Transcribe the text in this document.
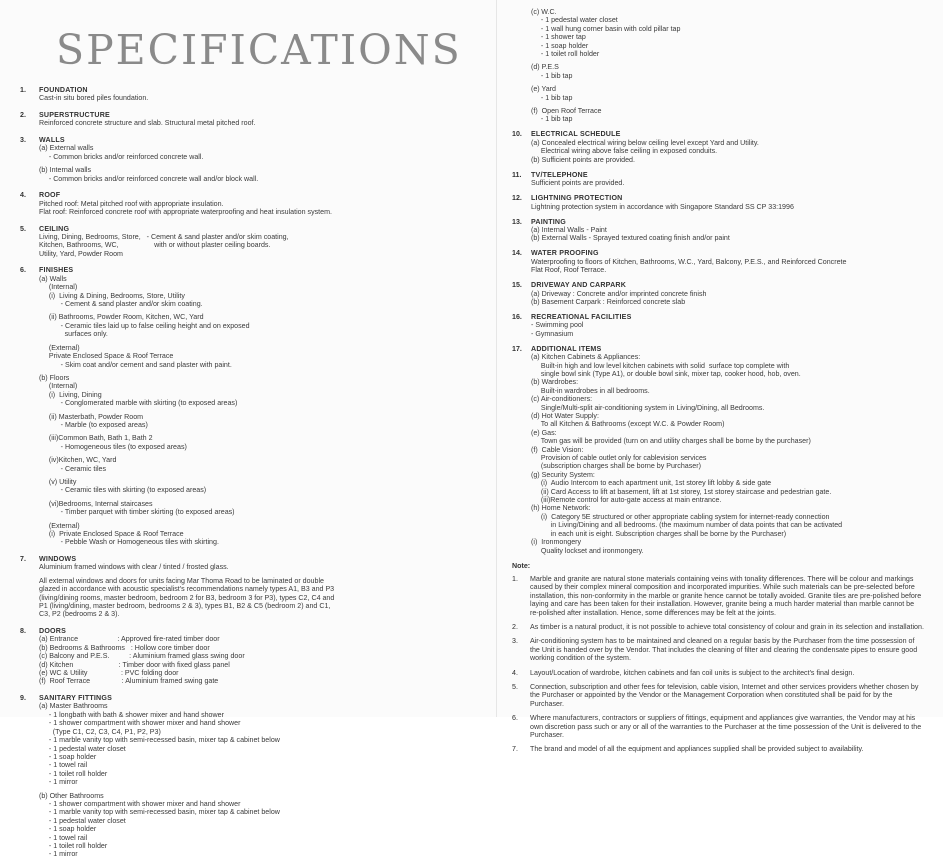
SPECIFICATIONS
1.	FOUNDATION
Cast-in situ bored piles foundation.
2.	SUPERSTRUCTURE
Reinforced concrete structure and slab. Structural metal pitched roof.
3.	WALLS
(a) External walls
- Common bricks and/or reinforced concrete wall.
(b) Internal walls
- Common bricks and/or reinforced concrete wall and/or block wall.
4.	ROOF
Pitched roof: Metal pitched roof with appropriate insulation.
Flat roof: Reinforced concrete roof with appropriate waterproofing and heat insulation system.
5.	CEILING
Living, Dining, Bedrooms, Store,   - Cement & sand plaster and/or skim coating,
Kitchen, Bathrooms, WC,                  with or without plaster ceiling boards.
Utility, Yard, Powder Room
6.	FINISHES
(a) Walls
(Internal)
(i)  Living & Dining, Bedrooms, Store, Utility
- Cement & sand plaster and/or skim coating.
(ii) Bathrooms, Powder Room, Kitchen, WC, Yard
- Ceramic tiles laid up to false ceiling height and on exposed
surfaces only.
(External)
Private Enclosed Space & Roof Terrace
- Skim coat and/or cement and sand plaster with paint.
(b) Floors
(Internal)
(i)  Living, Dining
- Conglomerated marble with skirting (to exposed areas)
(ii) Masterbath, Powder Room
- Marble (to exposed areas)
(iii)Common Bath, Bath 1, Bath 2
- Homogeneous tiles (to exposed areas)
(iv)Kitchen, WC, Yard
- Ceramic tiles
(v) Utility
- Ceramic tiles with skirting (to exposed areas)
(vi)Bedrooms, Internal staircases
- Timber parquet with timber skirting (to exposed areas)
(External)
(i)  Private Enclosed Space & Roof Terrace
- Pebble Wash or Homogeneous tiles with skirting.
7.	WINDOWS
Aluminium framed windows with clear / tinted / frosted glass.
All external windows and doors for units facing Mar Thoma Road to be laminated or double
glazed in accordance with acoustic specialist's recommendations namely types A1, B3 and P3
(living/dining rooms, master bedroom, bedroom 2 for B3, bedroom 3 for P3), types C2, C4 and
P1 (living/dining, master bedroom, bedrooms 2 & 3), types B1, B2 & C5 (bedroom 2) and C1,
C3, P2 (bedrooms 2 & 3).
8.	DOORS
(a) Entrance                    : Approved fire-rated timber door
(b) Bedrooms & Bathrooms   : Hollow core timber door
(c) Balcony and P.E.S.          : Aluminium framed glass swing door
(d) Kitchen                       : Timber door with fixed glass panel
(e) WC & Utility                 : PVC folding door
(f)  Roof Terrace                : Aluminium framed swing gate
9.	SANITARY FITTINGS
(a) Master Bathrooms
- 1 longbath with bath & shower mixer and hand shower
- 1 shower compartment with shower mixer and hand shower
(Type C1, C2, C3, C4, P1, P2, P3)
- 1 marble vanity top with semi-recessed basin, mixer tap & cabinet below
- 1 pedestal water closet
- 1 soap holder
- 1 towel rail
- 1 toilet roll holder
- 1 mirror
(b) Other Bathrooms
- 1 shower compartment with shower mixer and hand shower
- 1 marble vanity top with semi-recessed basin, mixer tap & cabinet below
- 1 pedestal water closet
- 1 soap holder
- 1 towel rail
- 1 toilet roll holder
- 1 mirror
(c) W.C.
- 1 pedestal water closet
- 1 wall hung corner basin with cold pillar tap
- 1 shower tap
- 1 soap holder
- 1 toilet roll holder
(d) P.E.S
- 1 bib tap
(e) Yard
- 1 bib tap
(f)  Open Roof Terrace
- 1 bib tap
10.	ELECTRICAL SCHEDULE
(a) Concealed electrical wiring below ceiling level except Yard and Utility.
Electrical wiring above false ceiling in exposed conduits.
(b) Sufficient points are provided.
11.	TV/TELEPHONE
Sufficient points are provided.
12.	LIGHTNING PROTECTION
Lightning protection system in accordance with Singapore Standard SS CP 33:1996
13.	PAINTING
(a) Internal Walls - Paint
(b) External Walls - Sprayed textured coating finish and/or paint
14.	WATER PROOFING
Waterproofing to floors of Kitchen, Bathrooms, W.C., Yard, Balcony, P.E.S., and Reinforced Concrete
Flat Roof, Roof Terrace.
15.	DRIVEWAY AND CARPARK
(a) Driveway : Concrete and/or imprinted concrete finish
(b) Basement Carpark : Reinforced concrete slab
16.	RECREATIONAL FACILITIES
- Swimming pool
- Gymnasium
17.	ADDITIONAL ITEMS
(a) Kitchen Cabinets & Appliances:
Built-in high and low level kitchen cabinets with solid  surface top complete with
single bowl sink (Type A1), or double bowl sink, mixer tap, cooker hood, hob, oven.
(b) Wardrobes:
Built-in wardrobes in all bedrooms.
(c) Air-conditioners:
Single/Multi-split air-conditioning system in Living/Dining, all Bedrooms.
(d) Hot Water Supply:
To all Kitchen & Bathrooms (except W.C. & Powder Room)
(e) Gas:
Town gas will be provided (turn on and utility charges shall be borne by the purchaser)
(f)  Cable Vision:
Provision of cable outlet only for cablevision services
(subscription charges shall be borne by Purchaser)
(g) Security System:
(i)  Audio Intercom to each apartment unit, 1st storey lift lobby & side gate
(ii) Card Access to lift at basement, lift at 1st storey, 1st storey staircase and pedestrian gate.
(iii)Remote control for auto-gate access at main entrance.
(h) Home Network:
(i)  Category 5E structured or other appropriate cabling system for internet-ready connection
in Living/Dining and all bedrooms. (the maximum number of data points that can be activated
in each unit is eight. Subscription charges shall be borne by the Purchaser)
(i)  Ironmongery
Quality lockset and ironmongery.
Note:
1.	Marble and granite are natural stone materials containing veins with tonality differences. There will be colour and markings caused by their complex mineral composition and incorporated impurities. While such materials can be pre-selected before installation, this non-conformity in the marble or granite hence cannot be totally avoided. Granite tiles are pre-polished before laying and care has been taken for their installation. However, granite being a much harder material than marble cannot be re-polished after installation. Hence, some differences may be felt at the joints.
2.	As timber is a natural product, it is not possible to achieve total consistency of colour and grain in its selection and installation.
3.	Air-conditioning system has to be maintained and cleaned on a regular basis by the Purchaser from the time possession of the Unit is handed over by the Vendor. That includes the cleaning of filter and clearing the condensate pipes to ensure good working condition of the system.
4.	Layout/Location of wardrobe, kitchen cabinets and fan coil units is subject to the architect's final design.
5.	Connection, subscription and other fees for television, cable vision, Internet and other services providers whether chosen by the Purchaser or appointed by the Vendor or the Management Corporation when constituted shall be paid for by the Purchaser.
6.	Where manufacturers, contractors or suppliers of fittings, equipment and appliances give warranties, the Vendor may at his own discretion pass such or any or all of the warranties to the Purchaser at the time possession of the Unit is delivered to the Purchaser.
7.	The brand and model of all the equipment and appliances supplied shall be provided subject to availability.
